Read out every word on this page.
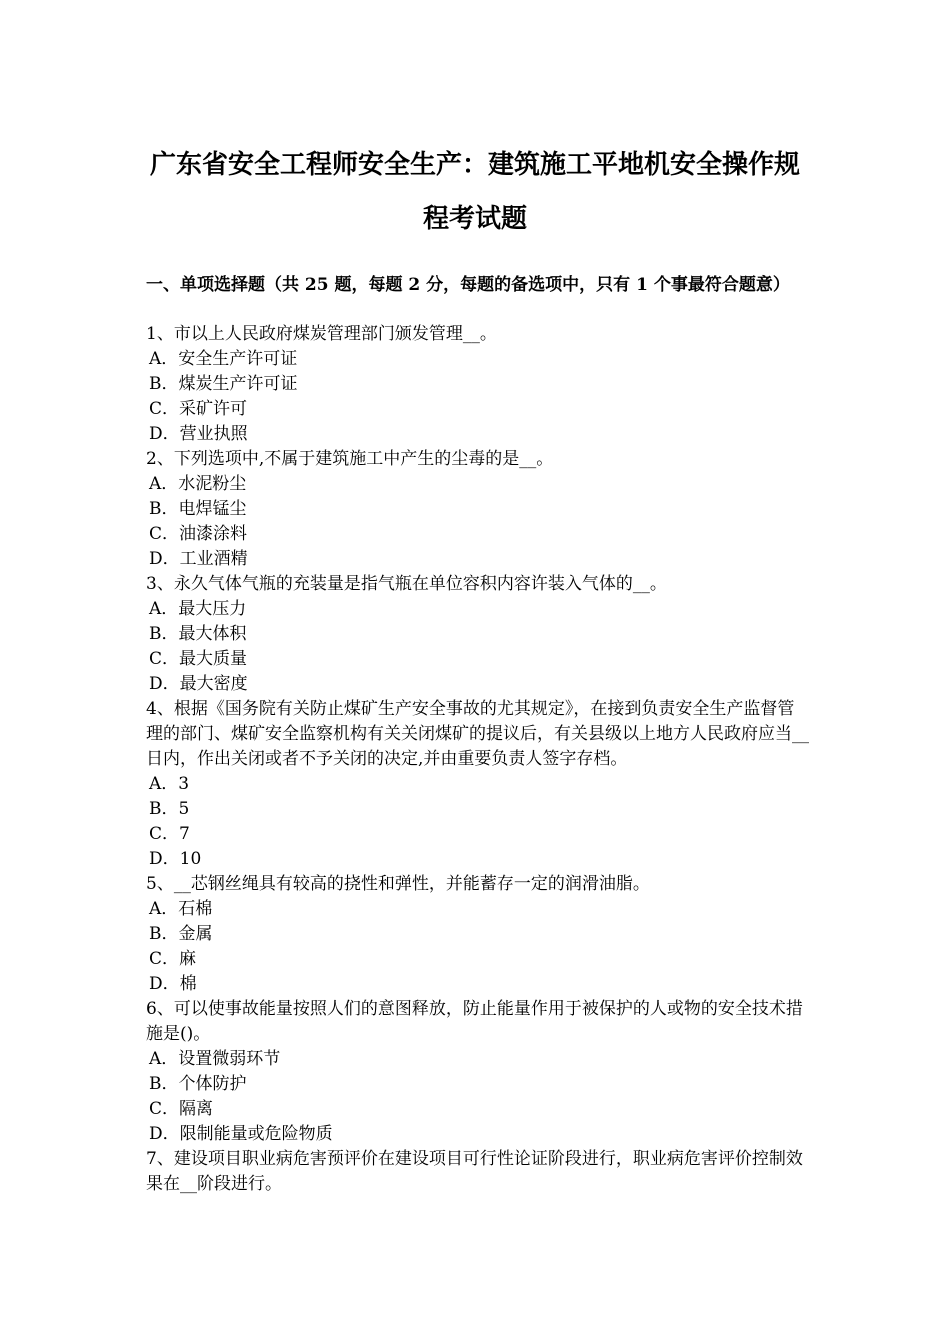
广东省安全工程师安全生产：建筑施工平地机安全操作规
程考试题
一、单项选择题（共 25 题，每题 2 分，每题的备选项中，只有 1 个事最符合题意）

1、市以上人民政府煤炭管理部门颁发管理__。

A．安全生产许可证

B．煤炭生产许可证

C．采矿许可

D．营业执照

2、下列选项中,不属于建筑施工中产生的尘毒的是__。

A．水泥粉尘

B．电焊锰尘

C．油漆涂料

D．工业酒精

3、永久气体气瓶的充装量是指气瓶在单位容积内容许装入气体的__。

A．最大压力

B．最大体积

C．最大质量

D．最大密度

4、根据《国务院有关防止煤矿生产安全事故的尤其规定》，在接到负责安全生产监督管理的部门、煤矿安全监察机构有关关闭煤矿的提议后，有关县级以上地方人民政府应当__日内，作出关闭或者不予关闭的决定,并由重要负责人签字存档。

A．3

B．5

C．7

D．10

5、__芯钢丝绳具有较高的挠性和弹性，并能蓄存一定的润滑油脂。

A．石棉

B．金属

C．麻

D．棉

6、可以使事故能量按照人们的意图释放，防止能量作用于被保护的人或物的安全技术措施是()。

A．设置微弱环节

B．个体防护

C．隔离

D．限制能量或危险物质

7、建设项目职业病危害预评价在建设项目可行性论证阶段进行，职业病危害评价控制效果在__阶段进行。
